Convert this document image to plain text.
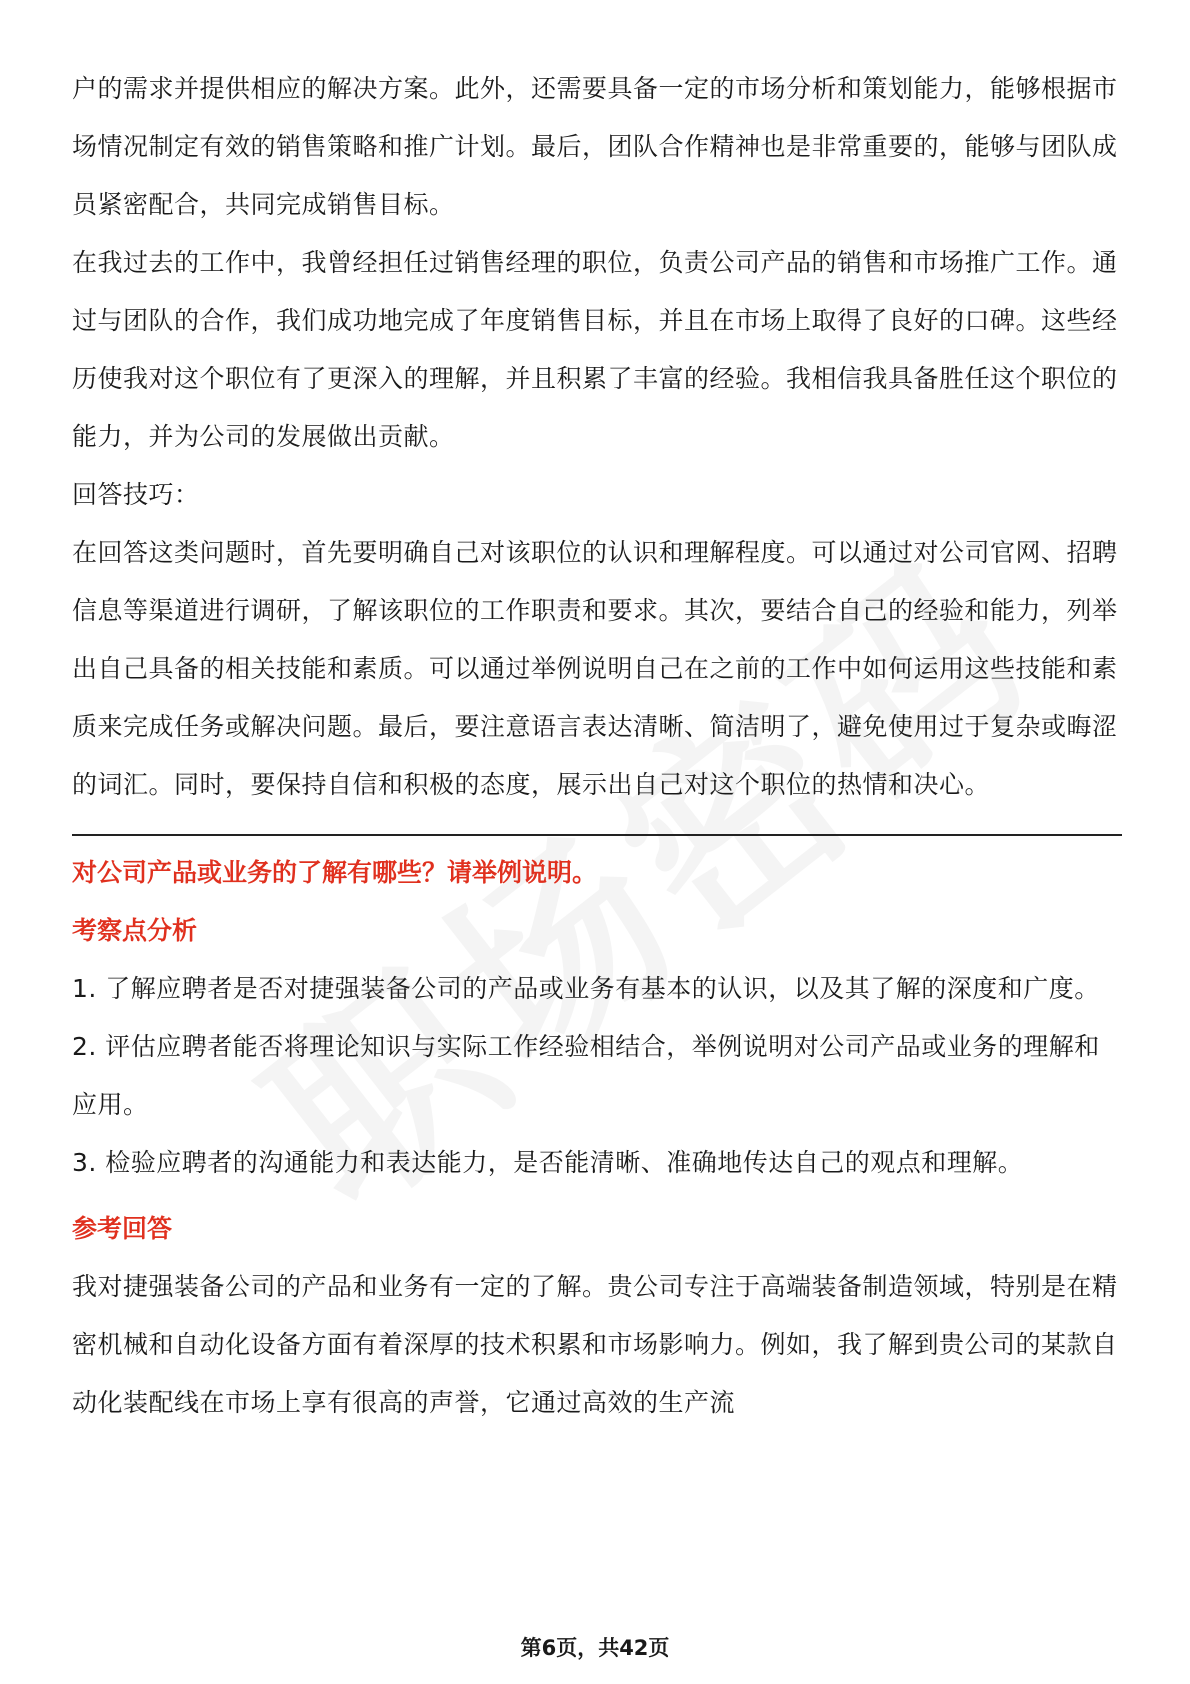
户的需求并提供相应的解决方案。此外，还需要具备一定的市场分析和策划能力，能够根据市场情况制定有效的销售策略和推广计划。最后，团队合作精神也是非常重要的，能够与团队成员紧密配合，共同完成销售目标。

在我过去的工作中，我曾经担任过销售经理的职位，负责公司产品的销售和市场推广工作。通过与团队的合作，我们成功地完成了年度销售目标，并且在市场上取得了良好的口碑。这些经历使我对这个职位有了更深入的理解，并且积累了丰富的经验。我相信我具备胜任这个职位的能力，并为公司的发展做出贡献。

回答技巧：

在回答这类问题时，首先要明确自己对该职位的认识和理解程度。可以通过对公司官网、招聘信息等渠道进行调研，了解该职位的工作职责和要求。其次，要结合自己的经验和能力，列举出自己具备的相关技能和素质。可以通过举例说明自己在之前的工作中如何运用这些技能和素质来完成任务或解决问题。最后，要注意语言表达清晰、简洁明了，避免使用过于复杂或晦涩的词汇。同时，要保持自信和积极的态度，展示出自己对这个职位的热情和决心。

对公司产品或业务的了解有哪些？请举例说明。

考察点分析

1. 了解应聘者是否对捷强装备公司的产品或业务有基本的认识，以及其了解的深度和广度。

2. 评估应聘者能否将理论知识与实际工作经验相结合，举例说明对公司产品或业务的理解和应用。

3. 检验应聘者的沟通能力和表达能力，是否能清晰、准确地传达自己的观点和理解。

参考回答

我对捷强装备公司的产品和业务有一定的了解。贵公司专注于高端装备制造领域，特别是在精密机械和自动化设备方面有着深厚的技术积累和市场影响力。例如，我了解到贵公司的某款自动化装配线在市场上享有很高的声誉，它通过高效的生产流

第6页，共42页
